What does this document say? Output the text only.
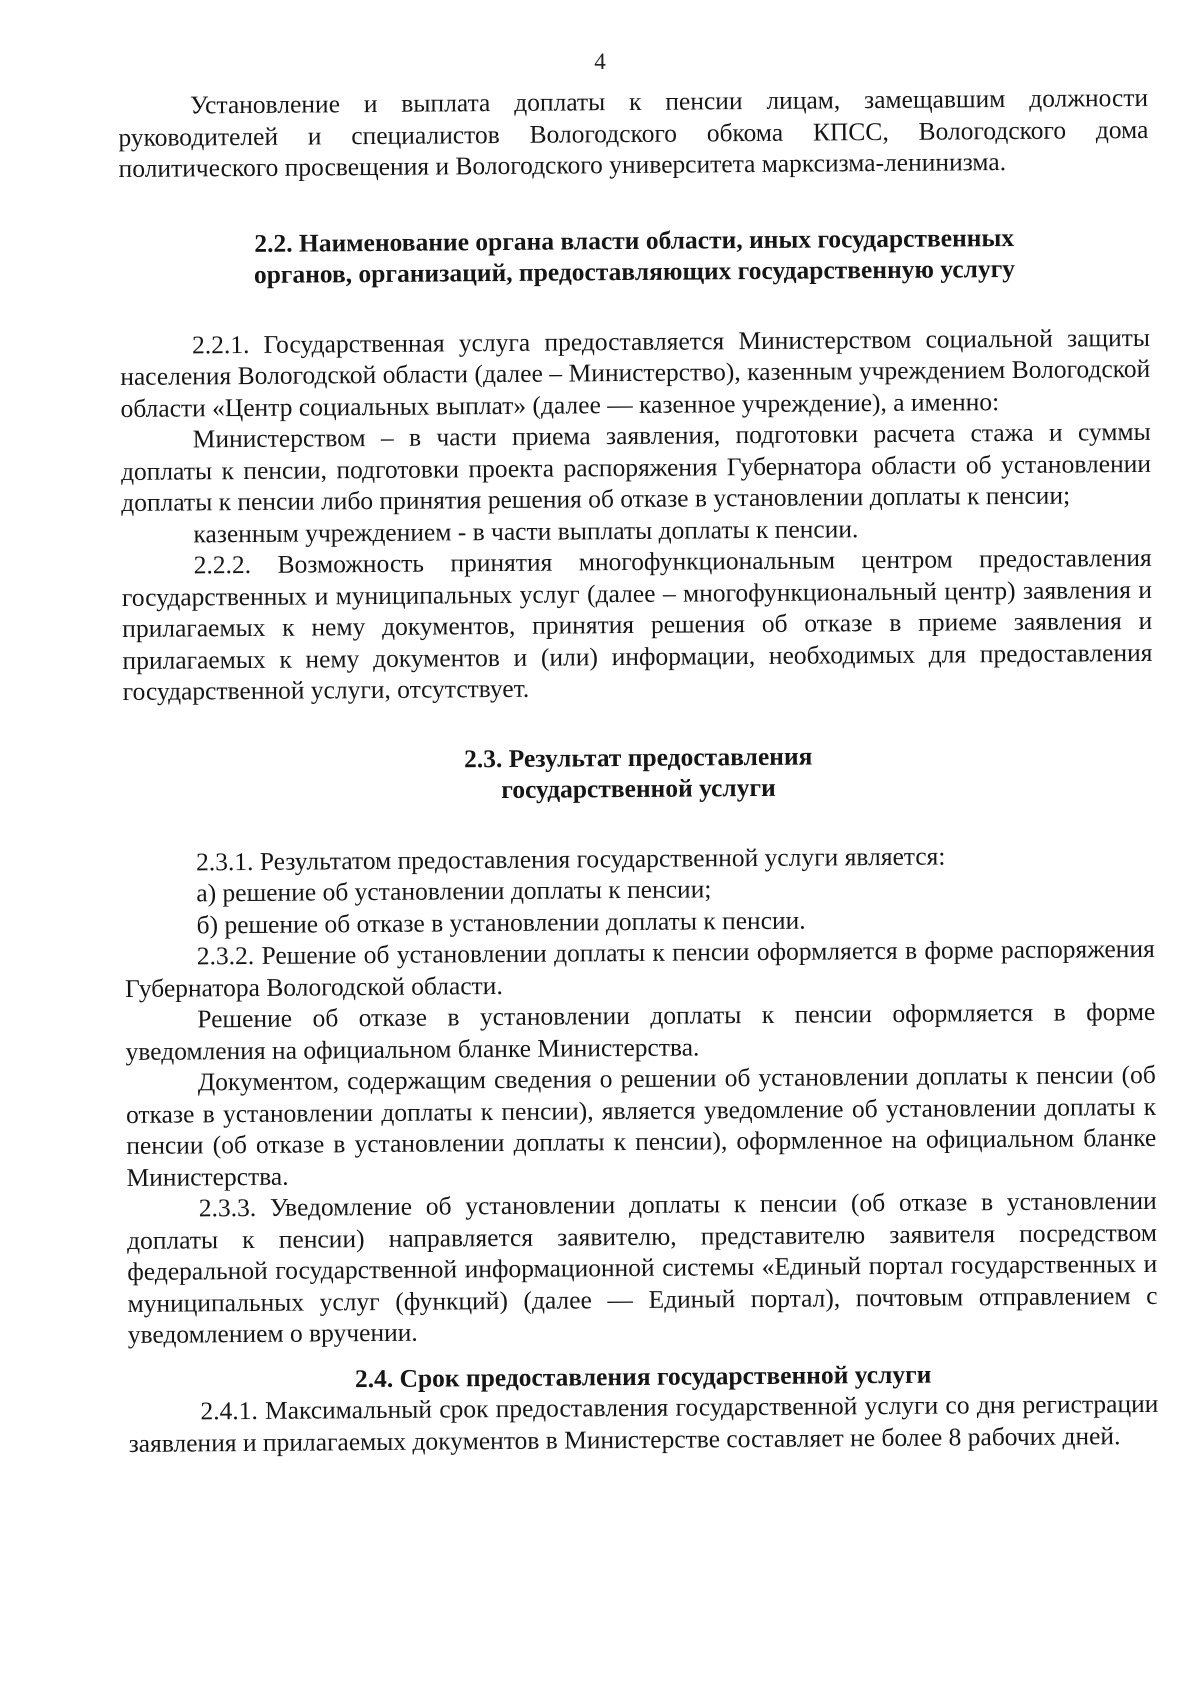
4

Установление и выплата доплаты к пенсии лицам, замещавшим должности руководителей и специалистов Вологодского обкома КПСС, Вологодского дома политического просвещения и Вологодского университета марксизма-ленинизма.

2.2. Наименование органа власти области, иных государственных
органов, организаций, предоставляющих государственную услугу

2.2.1. Государственная услуга предоставляется Министерством социальной защиты населения Вологодской области (далее – Министерство), казенным учреждением Вологодской области «Центр социальных выплат» (далее — казенное учреждение), а именно:

Министерством – в части приема заявления, подготовки расчета стажа и суммы доплаты к пенсии, подготовки проекта распоряжения Губернатора области об установлении доплаты к пенсии либо принятия решения об отказе в установлении доплаты к пенсии;

казенным учреждением - в части выплаты доплаты к пенсии.

2.2.2. Возможность принятия многофункциональным центром предоставления государственных и муниципальных услуг (далее – многофункциональный центр) заявления и прилагаемых к нему документов, принятия решения об отказе в приеме заявления и прилагаемых к нему документов и (или) информации, необходимых для предоставления государственной услуги, отсутствует.

2.3. Результат предоставления
государственной услуги

2.3.1. Результатом предоставления государственной услуги является:

а) решение об установлении доплаты к пенсии;

б) решение об отказе в установлении доплаты к пенсии.

2.3.2. Решение об установлении доплаты к пенсии оформляется в форме распоряжения Губернатора Вологодской области.

Решение об отказе в установлении доплаты к пенсии оформляется в форме уведомления на официальном бланке Министерства.

Документом, содержащим сведения о решении об установлении доплаты к пенсии (об отказе в установлении доплаты к пенсии), является уведомление об установлении доплаты к пенсии (об отказе в установлении доплаты к пенсии), оформленное на официальном бланке Министерства.

2.3.3. Уведомление об установлении доплаты к пенсии (об отказе в установлении доплаты к пенсии) направляется заявителю, представителю заявителя посредством федеральной государственной информационной системы «Единый портал государственных и муниципальных услуг (функций) (далее — Единый портал), почтовым отправлением с уведомлением о вручении.

2.4. Срок предоставления государственной услуги

2.4.1. Максимальный срок предоставления государственной услуги со дня регистрации заявления и прилагаемых документов в Министерстве составляет не более 8 рабочих дней.
